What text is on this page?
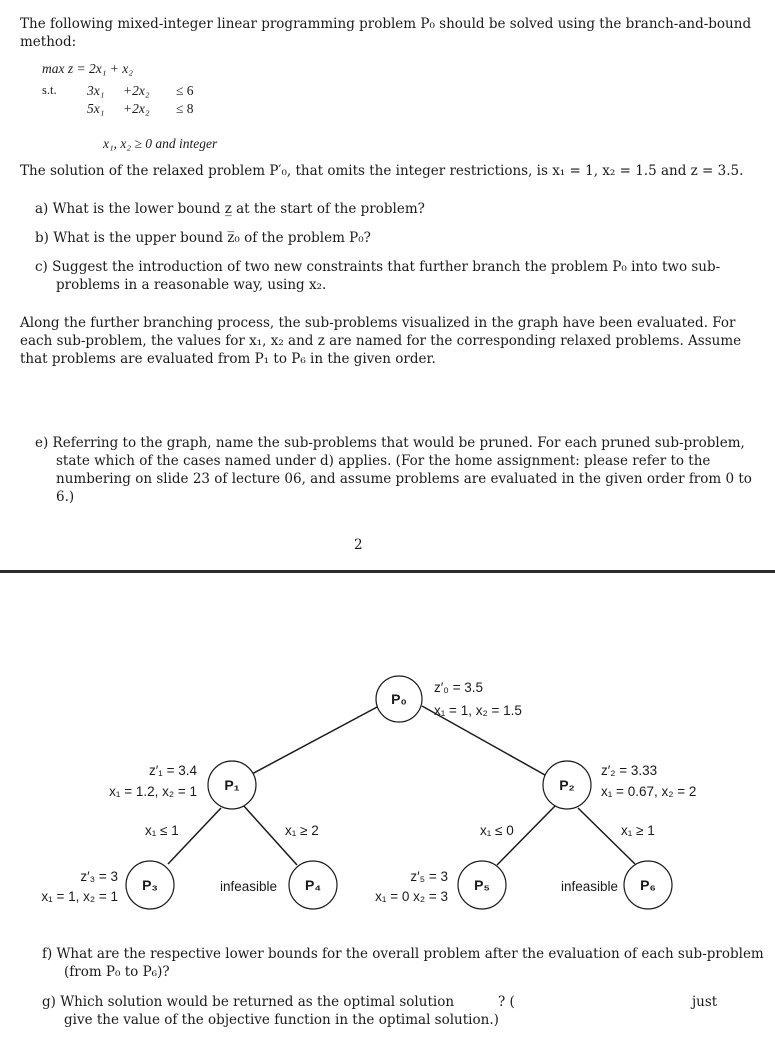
The following mixed-integer linear programming problem P₀ should be solved using the branch-and-bound
method:
max z = 2x₁ + x₂
s.t. 3x₁ +2x₂ ≤ 6
5x₁ +2x₂ ≤ 8
x₁, x₂ ≥ 0 and integer
The solution of the relaxed problem P′₀, that omits the integer restrictions, is x₁ = 1, x₂ = 1.5 and z = 3.5.
a) What is the lower bound z̲ at the start of the problem?
b) What is the upper bound z̅₀ of the problem P₀?
c) Suggest the introduction of two new constraints that further branch the problem P₀ into two sub-
problems in a reasonable way, using x₂.
Along the further branching process, the sub-problems visualized in the graph have been evaluated. For
each sub-problem, the values for x₁, x₂ and z are named for the corresponding relaxed problems. Assume
that problems are evaluated from P₁ to P₆ in the given order.
e) Referring to the graph, name the sub-problems that would be pruned. For each pruned sub-problem,
state which of the cases named under d) applies. (For the home assignment: please refer to the
numbering on slide 23 of lecture 06, and assume problems are evaluated in the given order from 0 to
6.)
2
P₀
P₁	P₂
P₃	P₄	P₅	P₆
z′₀ = 3.5
x₁ = 1, x₂ = 1.5
z′₁ = 3.4
x₁ = 1.2, x₂ = 1
z′₂ = 3.33
x₁ = 0.67, x₂ = 2
z′₃ = 3
x₁ = 1, x₂ = 1
infeasible
z′₅ = 3
x₁ = 0 x₂ = 3
infeasible
x₁ ≤ 1	x₁ ≥ 2	x₁ ≤ 0	x₁ ≥ 1
f) What are the respective lower bounds for the overall problem after the evaluation of each sub-problem
(from P₀ to P₆)?
g) Which solution would be returned as the optimal solution	? (	just
give the value of the objective function in the optimal solution.)
